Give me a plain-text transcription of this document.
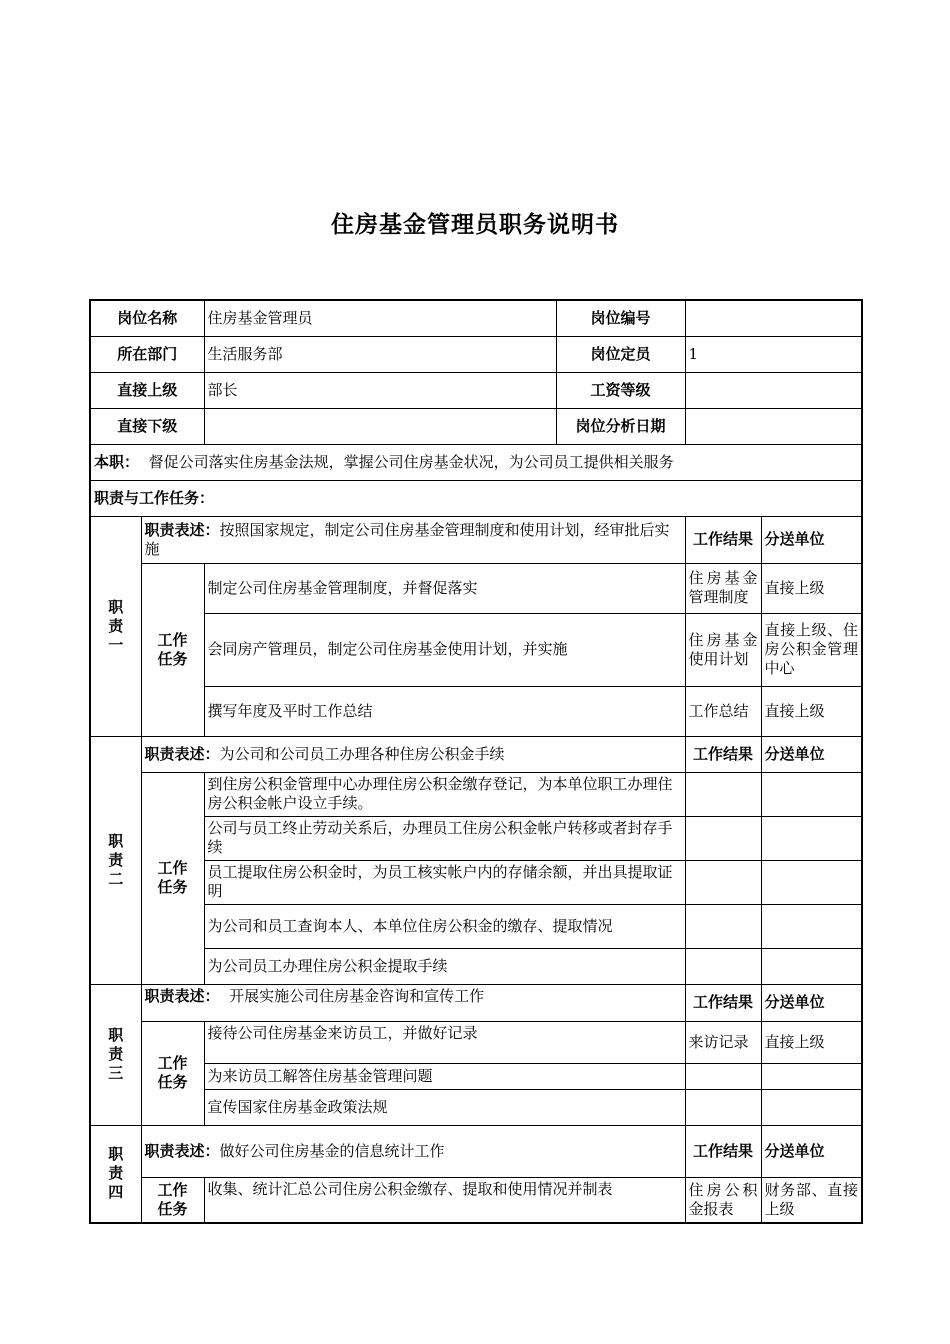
住房基金管理员职务说明书
岗位名称		住房基金管理员	岗位编号		
所在部门		生活服务部	岗位定员	1	
直接上级		部长	工资等级		
直接下级			岗位分析日期		
本职： 督促公司落实住房基金法规，掌握公司住房基金状况，为公司员工提供相关服务					
职责与工作任务：					

职
责
一	职责表述：按照国家规定，制定公司住房基金管理制度和使用计划，经审批后实施			工作结果	分送单位

	工作
任务	制定公司住房基金管理制度，并督促落实		住房基金管理制度	直接上级
		会同房产管理员，制定公司住房基金使用计划，并实施		住房基金使用计划	直接上级、住房公积金管理中心
		撰写年度及平时工作总结		工作总结	直接上级

职
责
二	职责表述：为公司和公司员工办理各种住房公积金手续			工作结果	分送单位

	工作
任务	到住房公积金管理中心办理住房公积金缴存登记，为本单位职工办理住房公积金帐户设立手续。			
		公司与员工终止劳动关系后，办理员工住房公积金帐户转移或者封存手续			
		员工提取住房公积金时，为员工核实帐户内的存储余额，并出具提取证明			
		为公司和员工查询本人、本单位住房公积金的缴存、提取情况			
		为公司员工办理住房公积金提取手续			

职
责
三	职责表述： 开展实施公司住房基金咨询和宣传工作			工作结果	分送单位

	工作
任务	接待公司住房基金来访员工，并做好记录		来访记录	直接上级
		为来访员工解答住房基金管理问题			
		宣传国家住房基金政策法规			

职
责
四	职责表述：做好公司住房基金的信息统计工作			工作结果	分送单位

	工作
任务	收集、统计汇总公司住房公积金缴存、提取和使用情况并制表		住房公积金报表	财务部、直接上级
